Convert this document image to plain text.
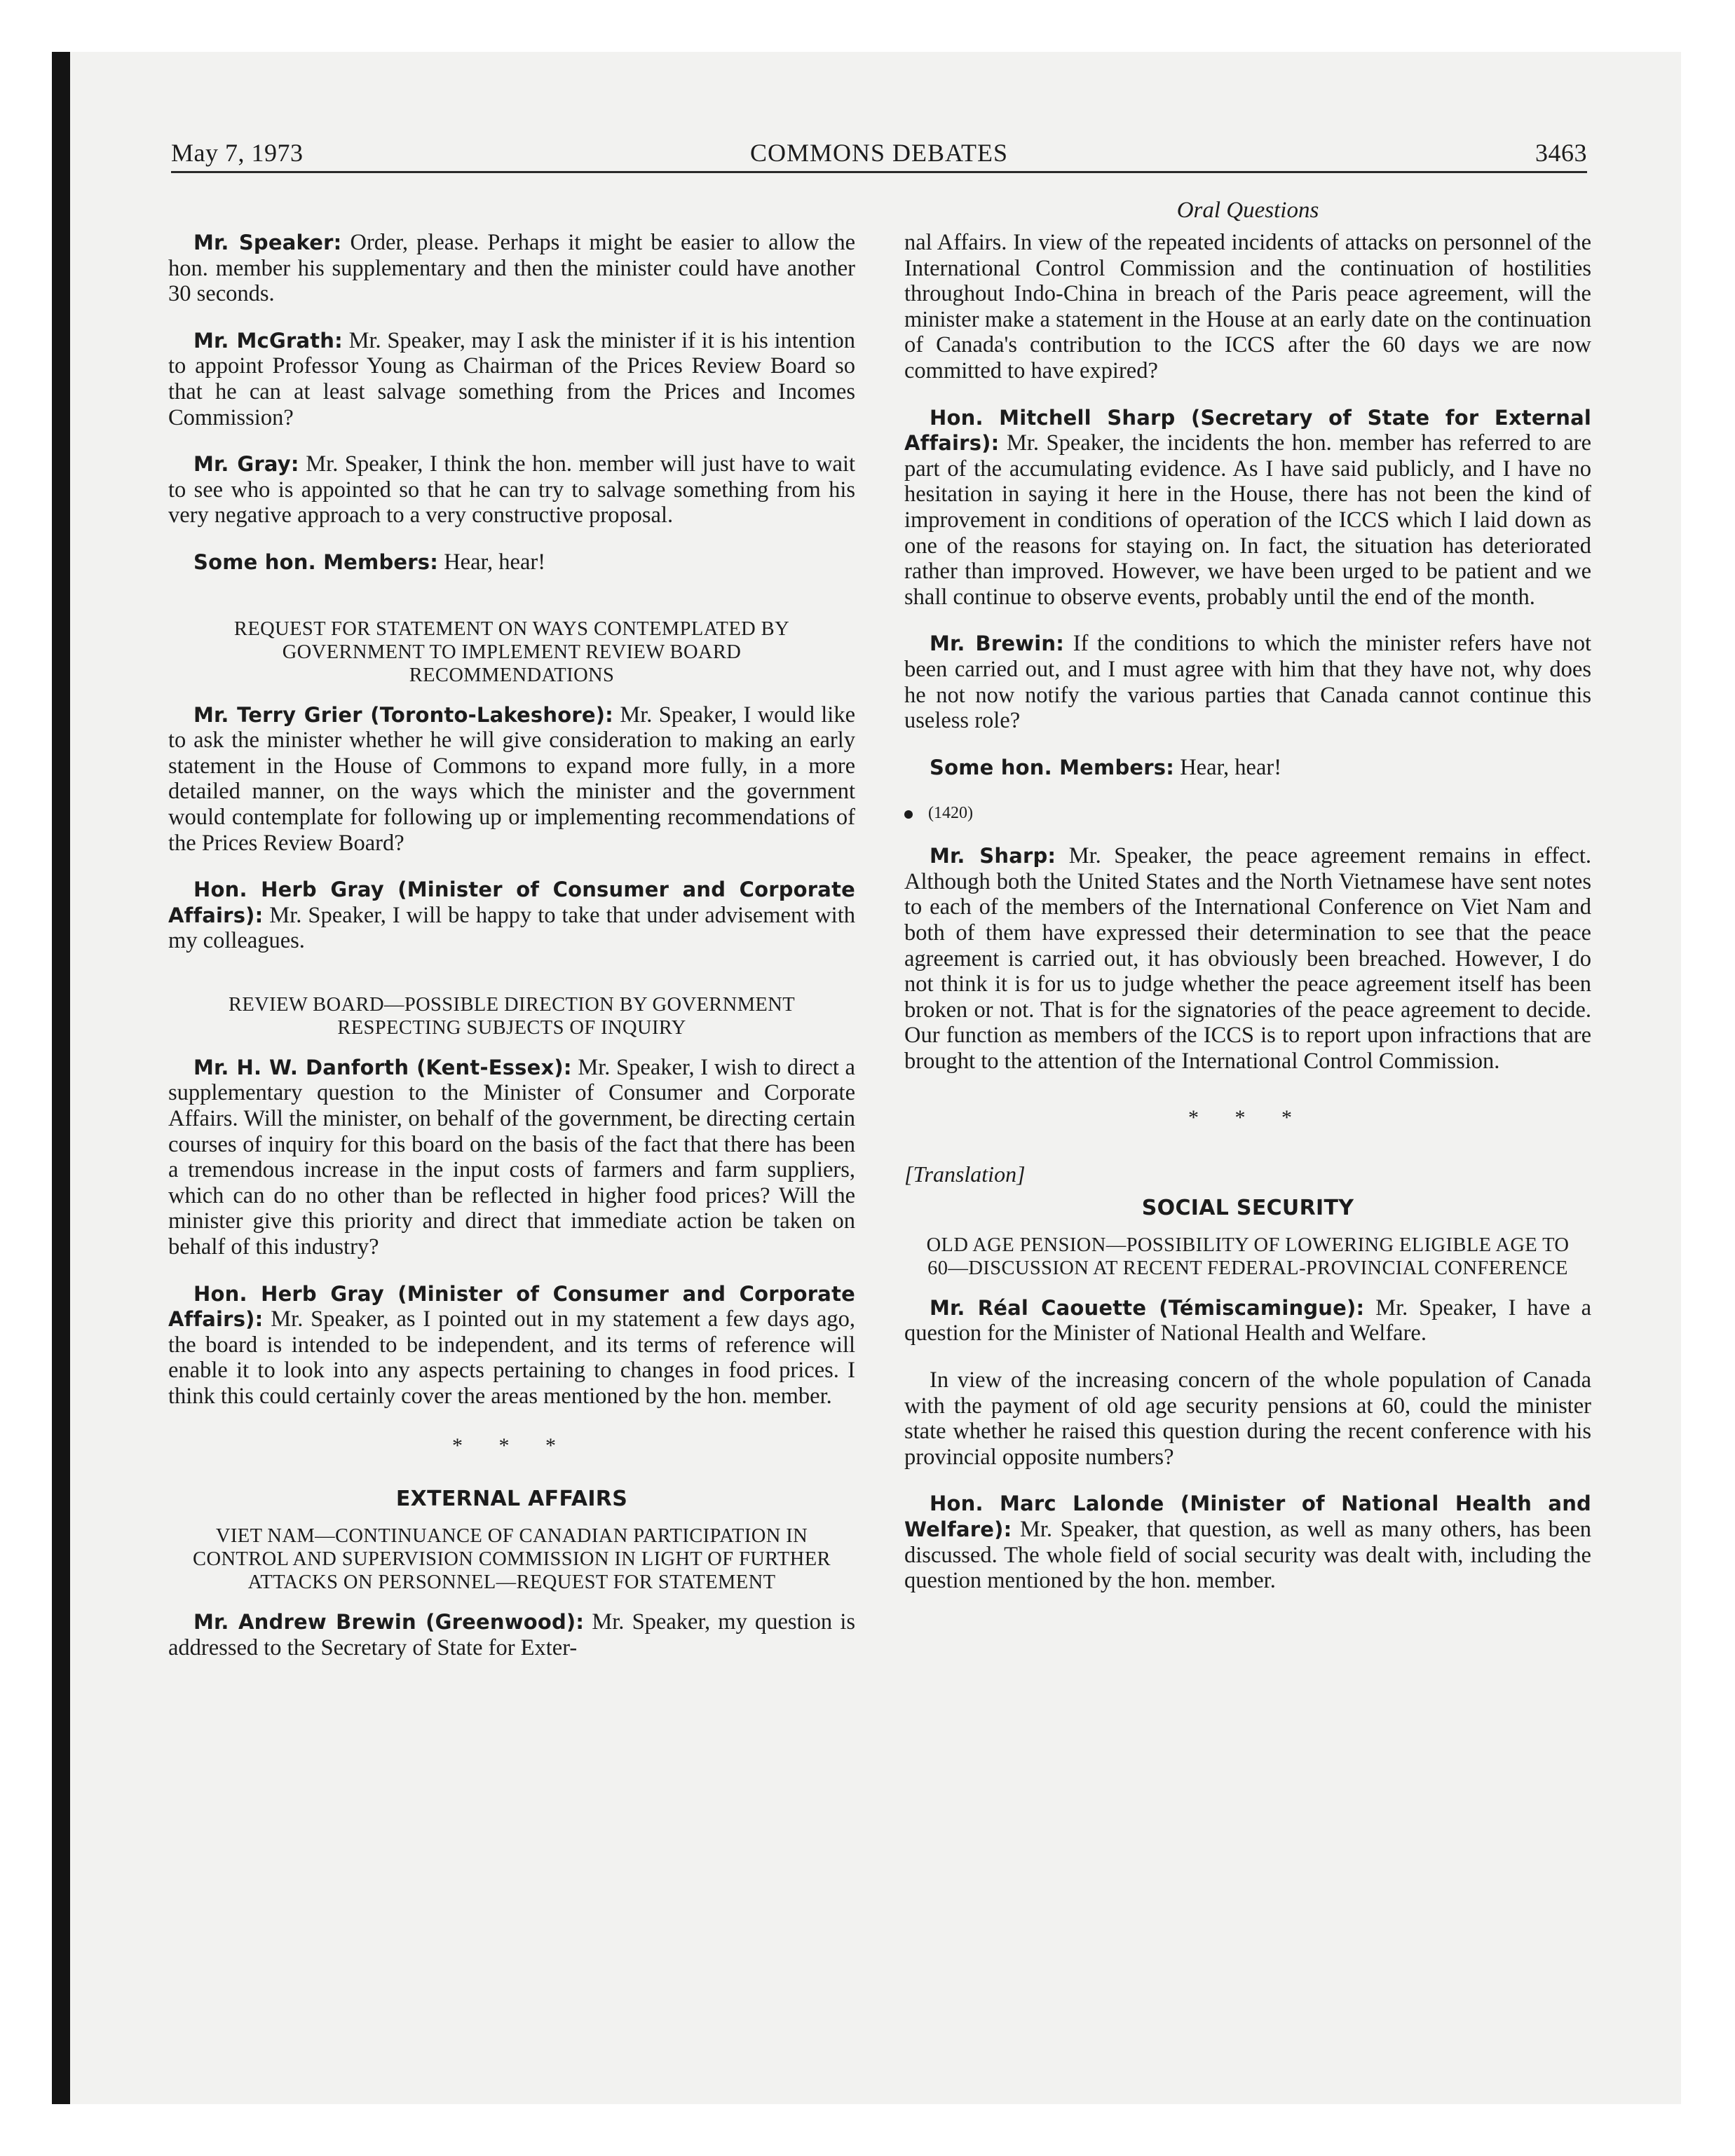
May 7, 1973	COMMONS DEBATES	3463
Oral Questions

Mr. Speaker: Order, please. Perhaps it might be easier to allow the hon. member his supplementary and then the minister could have another 30 seconds.

Mr. McGrath: Mr. Speaker, may I ask the minister if it is his intention to appoint Professor Young as Chairman of the Prices Review Board so that he can at least salvage something from the Prices and Incomes Commission?

Mr. Gray: Mr. Speaker, I think the hon. member will just have to wait to see who is appointed so that he can try to salvage something from his very negative approach to a very constructive proposal.

Some hon. Members: Hear, hear!

REQUEST FOR STATEMENT ON WAYS CONTEMPLATED BY GOVERNMENT TO IMPLEMENT REVIEW BOARD RECOMMENDATIONS

Mr. Terry Grier (Toronto-Lakeshore): Mr. Speaker, I would like to ask the minister whether he will give consideration to making an early statement in the House of Commons to expand more fully, in a more detailed manner, on the ways which the minister and the government would contemplate for following up or implementing recommendations of the Prices Review Board?

Hon. Herb Gray (Minister of Consumer and Corporate Affairs): Mr. Speaker, I will be happy to take that under advisement with my colleagues.

REVIEW BOARD—POSSIBLE DIRECTION BY GOVERNMENT RESPECTING SUBJECTS OF INQUIRY

Mr. H. W. Danforth (Kent-Essex): Mr. Speaker, I wish to direct a supplementary question to the Minister of Consumer and Corporate Affairs. Will the minister, on behalf of the government, be directing certain courses of inquiry for this board on the basis of the fact that there has been a tremendous increase in the input costs of farmers and farm suppliers, which can do no other than be reflected in higher food prices? Will the minister give this priority and direct that immediate action be taken on behalf of this industry?

Hon. Herb Gray (Minister of Consumer and Corporate Affairs): Mr. Speaker, as I pointed out in my statement a few days ago, the board is intended to be independent, and its terms of reference will enable it to look into any aspects pertaining to changes in food prices. I think this could certainly cover the areas mentioned by the hon. member.

* * *
EXTERNAL AFFAIRS
VIET NAM—CONTINUANCE OF CANADIAN PARTICIPATION IN CONTROL AND SUPERVISION COMMISSION IN LIGHT OF FURTHER ATTACKS ON PERSONNEL—REQUEST FOR STATEMENT

Mr. Andrew Brewin (Greenwood): Mr. Speaker, my question is addressed to the Secretary of State for Exter-

nal Affairs. In view of the repeated incidents of attacks on personnel of the International Control Commission and the continuation of hostilities throughout Indo-China in breach of the Paris peace agreement, will the minister make a statement in the House at an early date on the continuation of Canada's contribution to the ICCS after the 60 days we are now committed to have expired?

Hon. Mitchell Sharp (Secretary of State for External Affairs): Mr. Speaker, the incidents the hon. member has referred to are part of the accumulating evidence. As I have said publicly, and I have no hesitation in saying it here in the House, there has not been the kind of improvement in conditions of operation of the ICCS which I laid down as one of the reasons for staying on. In fact, the situation has deteriorated rather than improved. However, we have been urged to be patient and we shall continue to observe events, probably until the end of the month.

Mr. Brewin: If the conditions to which the minister refers have not been carried out, and I must agree with him that they have not, why does he not now notify the various parties that Canada cannot continue this useless role?

Some hon. Members: Hear, hear!

(1420)

Mr. Sharp: Mr. Speaker, the peace agreement remains in effect. Although both the United States and the North Vietnamese have sent notes to each of the members of the International Conference on Viet Nam and both of them have expressed their determination to see that the peace agreement is carried out, it has obviously been breached. However, I do not think it is for us to judge whether the peace agreement itself has been broken or not. That is for the signatories of the peace agreement to decide. Our function as members of the ICCS is to report upon infractions that are brought to the attention of the International Control Commission.

* * *
[Translation]
SOCIAL SECURITY
OLD AGE PENSION—POSSIBILITY OF LOWERING ELIGIBLE AGE TO 60—DISCUSSION AT RECENT FEDERAL-PROVINCIAL CONFERENCE

Mr. Réal Caouette (Témiscamingue): Mr. Speaker, I have a question for the Minister of National Health and Welfare.

In view of the increasing concern of the whole population of Canada with the payment of old age security pensions at 60, could the minister state whether he raised this question during the recent conference with his provincial opposite numbers?

Hon. Marc Lalonde (Minister of National Health and Welfare): Mr. Speaker, that question, as well as many others, has been discussed. The whole field of social security was dealt with, including the question mentioned by the hon. member.
